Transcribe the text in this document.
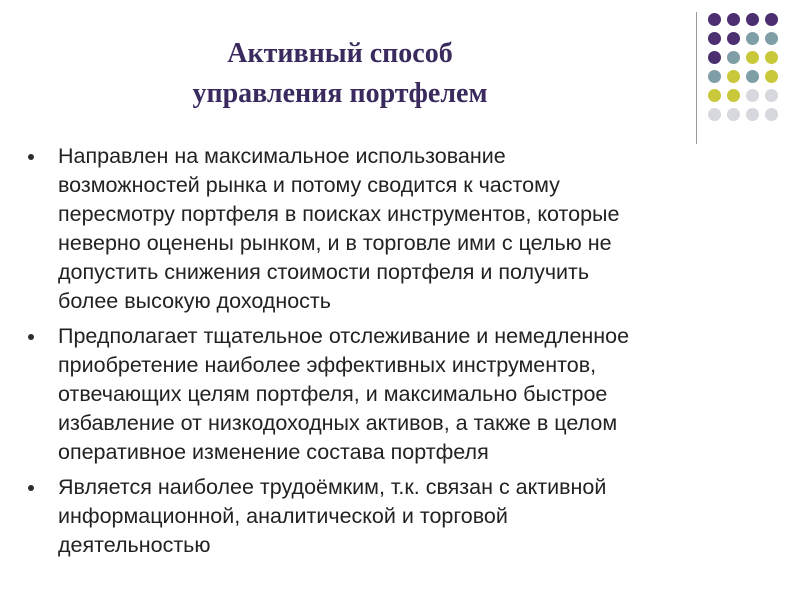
Активный способ
управления портфелем
Направлен на максимальное использование
возможностей рынка и потому сводится к частому
пересмотру портфеля в поисках инструментов, которые
неверно оценены рынком, и в торговле ими с целью не
допустить снижения стоимости портфеля и получить
более высокую доходность
Предполагает тщательное отслеживание и немедленное
приобретение наиболее эффективных инструментов,
отвечающих целям портфеля, и максимально быстрое
избавление от низкодоходных активов, а также в целом
оперативное изменение состава портфеля
Является наиболее трудоёмким, т.к. связан с активной
информационной, аналитической и торговой
деятельностью
